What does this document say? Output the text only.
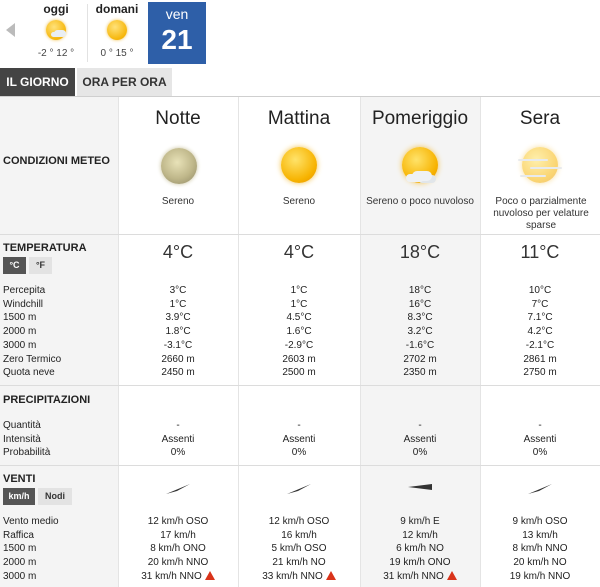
oggi
-2 ° 12 °
domani
0 ° 15 °
ven
21
IL GIORNO	ORA PER ORA
Notte	Mattina	Pomeriggio	Sera
CONDIZIONI METEO
Sereno	Sereno	Sereno o poco nuvoloso	Poco o parzialmente nuvoloso per velature sparse
TEMPERATURA
°C	°F
4°C	4°C	18°C	11°C
Percepita	3°C	1°C	18°C	10°C
Windchill	1°C	1°C	16°C	7°C
1500 m	3.9°C	4.5°C	8.3°C	7.1°C
2000 m	1.8°C	1.6°C	3.2°C	4.2°C
3000 m	-3.1°C	-2.9°C	-1.6°C	-2.1°C
Zero Termico	2660 m	2603 m	2702 m	2861 m
Quota neve	2450 m	2500 m	2350 m	2750 m
PRECIPITAZIONI
Quantità	-	-	-	-
Intensità	Assenti	Assenti	Assenti	Assenti
Probabilità	0%	0%	0%	0%
VENTI
km/h	Nodi
Vento medio	12 km/h OSO	12 km/h OSO	9 km/h E	9 km/h OSO
Raffica	17 km/h	16 km/h	12 km/h	13 km/h
1500 m	8 km/h ONO	5 km/h OSO	6 km/h NO	8 km/h NNO
2000 m	20 km/h NNO	21 km/h NO	19 km/h ONO	20 km/h NO
3000 m	31 km/h NNO	33 km/h NNO	31 km/h NNO	19 km/h NNO
